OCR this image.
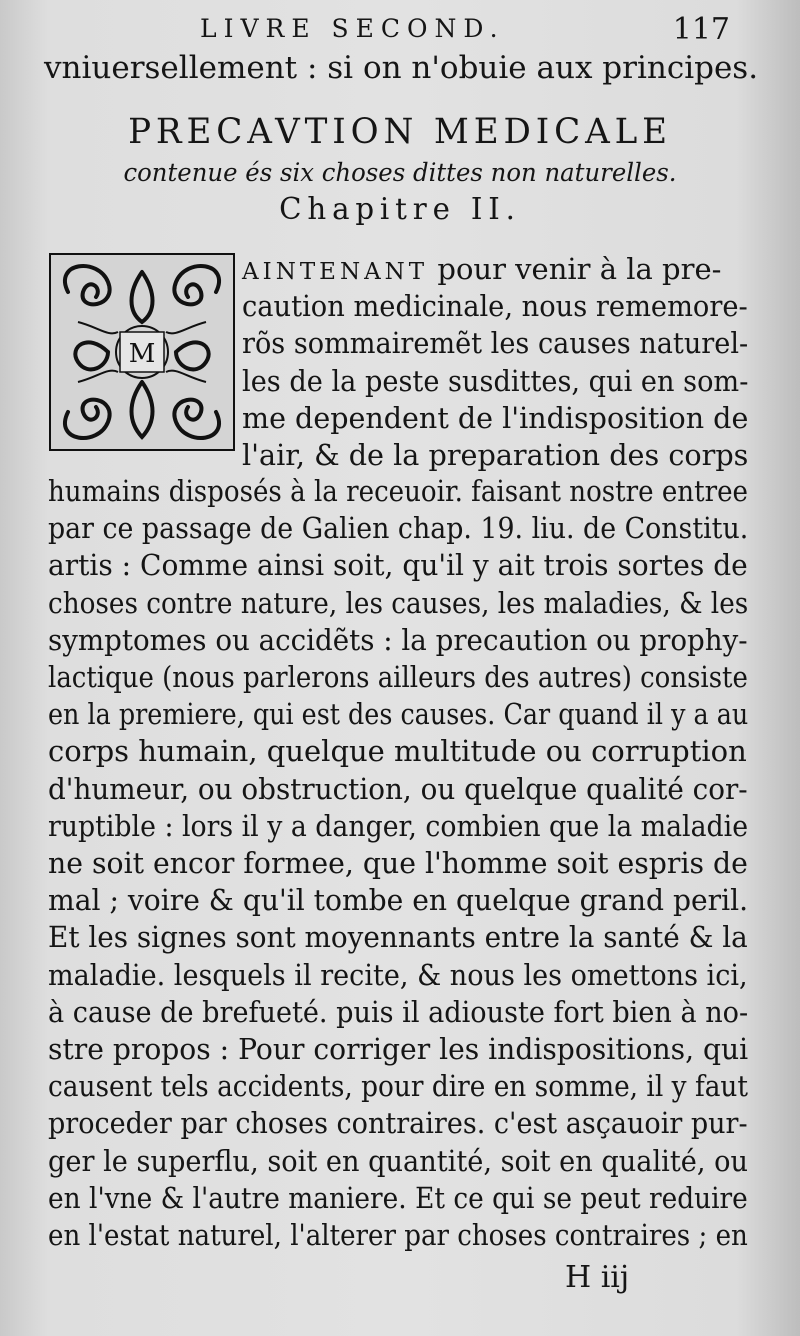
LIVRE SECOND.	117
vniuersellement : si on n'obuie aux principes.
PRECAVTION MEDICALE
contenue és six choses dittes non naturelles.
Chapitre II.
M
AINTENANT pour venir à la pre-
caution medicinale, nous rememore-
rõs sommairemẽt les causes naturel-
les de la peste susdittes, qui en som-
me dependent de l'indisposition de
l'air, & de la preparation des corps
humains disposés à la receuoir. faisant nostre entree
par ce passage de Galien chap. 19. liu. de Constitu.
artis : Comme ainsi soit, qu'il y ait trois sortes de
choses contre nature, les causes, les maladies, & les
symptomes ou accidẽts : la precaution ou prophy-
lactique (nous parlerons ailleurs des autres) consiste
en la premiere, qui est des causes. Car quand il y a au
corps humain, quelque multitude ou corruption
d'humeur, ou obstruction, ou quelque qualité cor-
ruptible : lors il y a danger, combien que la maladie
ne soit encor formee, que l'homme soit espris de
mal ; voire & qu'il tombe en quelque grand peril.
Et les signes sont moyennants entre la santé & la
maladie. lesquels il recite, & nous les omettons ici,
à cause de brefueté. puis il adiouste fort bien à no-
stre propos : Pour corriger les indispositions, qui
causent tels accidents, pour dire en somme, il y faut
proceder par choses contraires. c'est asçauoir pur-
ger le superflu, soit en quantité, soit en qualité, ou
en l'vne & l'autre maniere. Et ce qui se peut reduire
en l'estat naturel, l'alterer par choses contraires ; en
H iij
